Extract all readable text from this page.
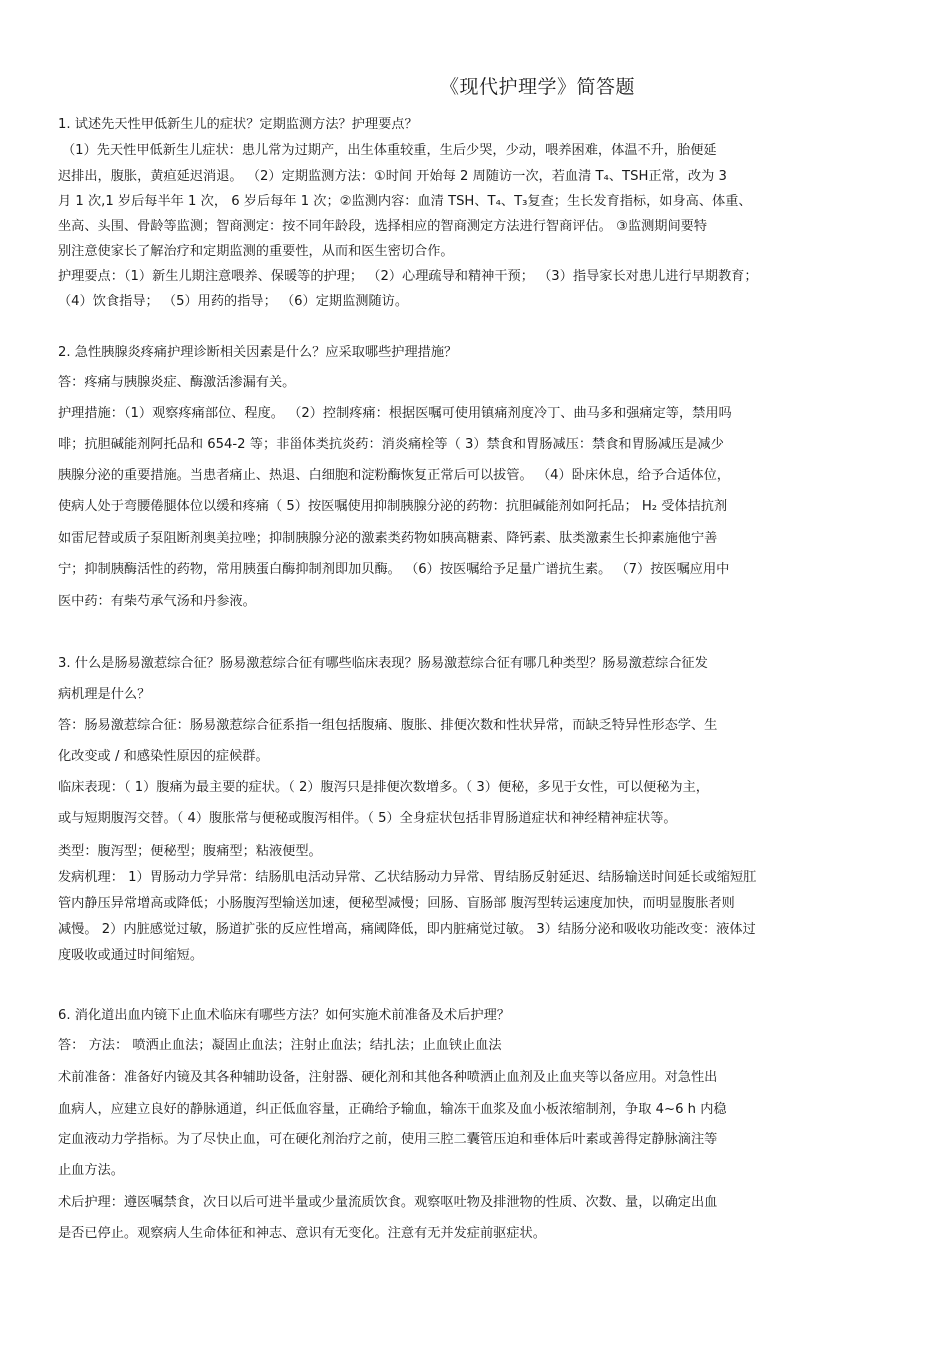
《现代护理学》简答题
1. 试述先天性甲低新生儿的症状？定期监测方法？护理要点？
（1）先天性甲低新生儿症状：患儿常为过期产，出生体重较重，生后少哭，少动，喂养困难，体温不升，胎便延
迟排出，腹胀，黄疸延迟消退。 （2）定期监测方法：①时间 开始每 2 周随访一次，若血清 T₄、TSH正常，改为 3
月 1 次,1 岁后每半年 1 次， 6 岁后每年 1 次；②监测内容：血清 TSH、T₄、T₃复查；生长发育指标，如身高、体重、
坐高、头围、骨龄等监测；智商测定：按不同年龄段，选择相应的智商测定方法进行智商评估。 ③监测期间要特
别注意使家长了解治疗和定期监测的重要性，从而和医生密切合作。
护理要点：（1）新生儿期注意喂养、保暖等的护理； （2）心理疏导和精神干预； （3）指导家长对患儿进行早期教育；
（4）饮食指导； （5）用药的指导； （6）定期监测随访。
2. 急性胰腺炎疼痛护理诊断相关因素是什么？应采取哪些护理措施？
答：疼痛与胰腺炎症、酶激活渗漏有关。
护理措施：（1）观察疼痛部位、程度。 （2）控制疼痛：根据医嘱可使用镇痛剂度冷丁、曲马多和强痛定等，禁用吗
啡；抗胆碱能剂阿托品和 654-2 等；非甾体类抗炎药：消炎痛栓等（ 3）禁食和胃肠减压：禁食和胃肠减压是减少
胰腺分泌的重要措施。当患者痛止、热退、白细胞和淀粉酶恢复正常后可以拔管。 （4）卧床休息，给予合适体位，
使病人处于弯腰倦腿体位以缓和疼痛（ 5）按医嘱使用抑制胰腺分泌的药物：抗胆碱能剂如阿托品； H₂ 受体拮抗剂
如雷尼替或质子泵阻断剂奥美拉唑；抑制胰腺分泌的激素类药物如胰高糖素、降钙素、肽类激素生长抑素施他宁善
宁；抑制胰酶活性的药物，常用胰蛋白酶抑制剂即加贝酶。 （6）按医嘱给予足量广谱抗生素。 （7）按医嘱应用中
医中药：有柴芍承气汤和丹参液。
3. 什么是肠易激惹综合征？肠易激惹综合征有哪些临床表现？肠易激惹综合征有哪几种类型？肠易激惹综合征发
病机理是什么？
答：肠易激惹综合征：肠易激惹综合征系指一组包括腹痛、腹胀、排便次数和性状异常，而缺乏特异性形态学、生
化改变或 / 和感染性原因的症候群。
临床表现：（ 1）腹痛为最主要的症状。（ 2）腹泻只是排便次数增多。（ 3）便秘，多见于女性，可以便秘为主，
或与短期腹泻交替。（ 4）腹胀常与便秘或腹泻相伴。（ 5）全身症状包括非胃肠道症状和神经精神症状等。
类型：腹泻型；便秘型；腹痛型；粘液便型。
发病机理： 1）胃肠动力学异常：结肠肌电活动异常、乙状结肠动力异常、胃结肠反射延迟、结肠输送时间延长或缩短肛
管内静压异常增高或降低；小肠腹泻型输送加速，便秘型减慢；回肠、盲肠部 腹泻型转运速度加快，而明显腹胀者则
减慢。 2）内脏感觉过敏，肠道扩张的反应性增高，痛阈降低，即内脏痛觉过敏。 3）结肠分泌和吸收功能改变：液体过
度吸收或通过时间缩短。
6. 消化道出血内镜下止血术临床有哪些方法？如何实施术前准备及术后护理？
答： 方法： 喷洒止血法；凝固止血法；注射止血法；结扎法；止血铗止血法
术前准备：准备好内镜及其各种辅助设备，注射器、硬化剂和其他各种喷洒止血剂及止血夹等以备应用。对急性出
血病人，应建立良好的静脉通道，纠正低血容量，正确给予输血，输冻干血浆及血小板浓缩制剂，争取 4~6 h 内稳
定血液动力学指标。为了尽快止血，可在硬化剂治疗之前，使用三腔二囊管压迫和垂体后叶素或善得定静脉滴注等
止血方法。
术后护理：遵医嘱禁食，次日以后可进半量或少量流质饮食。观察呕吐物及排泄物的性质、次数、量，以确定出血
是否已停止。观察病人生命体征和神志、意识有无变化。注意有无并发症前驱症状。
